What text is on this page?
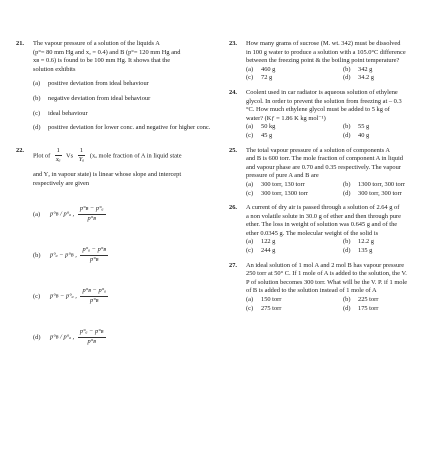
21. The vapour pressure of a solution of the liquids A
(p°= 80 mm Hg and xₐ = 0.4) and B (p°= 120 mm Hg and
xʙ = 0.6) is found to be 100 mm Hg. It shows that the
solution exhibits
(a) positive deviation from ideal behaviour
(b) negative deviation from ideal behaviour
(c) ideal behaviour
(d) positive deviation for lower conc. and negative for higher conc.
22.
Plot of $\frac{1}{\text{xₐ}}$ Vs $\frac{1}{\text{Yₐ}} (x_a$ mole fraction of A in liquid state
and Yₐ in vapour state) is linear whose slope and intercept
respectively are given
(a) p°ʙ / p°ₐ , $\frac{\text{p°ʙ − p°ₐ}}{\text{p°ʙ}}$
(b) p°ₐ − p°ʙ , $\frac{\text{p°ₐ − p°ʙ}}{\text{p°ʙ}}$
(c) p°ʙ − p°ₐ , $\frac{\text{p°ʙ − p°ₐ}}{\text{p°ʙ}}$
(d) p°ʙ / p°ₐ , $\frac{\text{p°ₐ − p°ʙ}}{\text{p°ʙ}}$
23. How many grams of sucrose (M. wt. 342) must be dissolved
in 100 g water to produce a solution with a 105.0°C difference
between the freezing point & the boiling point temperature?
(a) 460 g	(b) 342 g
(c) 72 g	(d) 34.2 g
24. Coolent used in car radiator is aqueous solution of ethylene
glycol. In order to prevent the solution from freezing at – 0.3
°C. How much ethylene glycol must be added to 5 kg of
water? (Kƒ = 1.86 K kg mol⁻¹)
(a) 50 kg	(b) 55 g
(c) 45 g	(d) 40 g
25. The total vapour pressure of a solution of components A
and B is 600 torr. The mole fraction of component A in liquid
and vapour phase are 0.70 and 0.35 respectively. The vapour
pressure of pure A and B are
(a) 300 torr, 130 torr	(b) 1300 torr, 300 torr
(c) 300 torr, 1300 torr	(d) 300 torr, 300 torr
26. A current of dry air is passed through a solution of 2.64 g of
a non volatile solute in 30.0 g of ether and then through pure
ether. The loss in weight of solution was 0.645 g and of the
ether 0.0345 g. The molecular weight of the solid is
(a) 122 g	(b) 12.2 g
(c) 244 g	(d) 135 g
27. An ideal solution of 1 mol A and 2 mol B has vapour pressure
250 torr at 50° C. If 1 mole of A is added to the solution, the V.
P of solution becomes 300 torr. What will be the V. P. if 1 mole
of B is added to the solution instead of 1 mole of A
(a) 150 torr	(b) 225 torr
(c) 275 torr	(d) 175 torr
